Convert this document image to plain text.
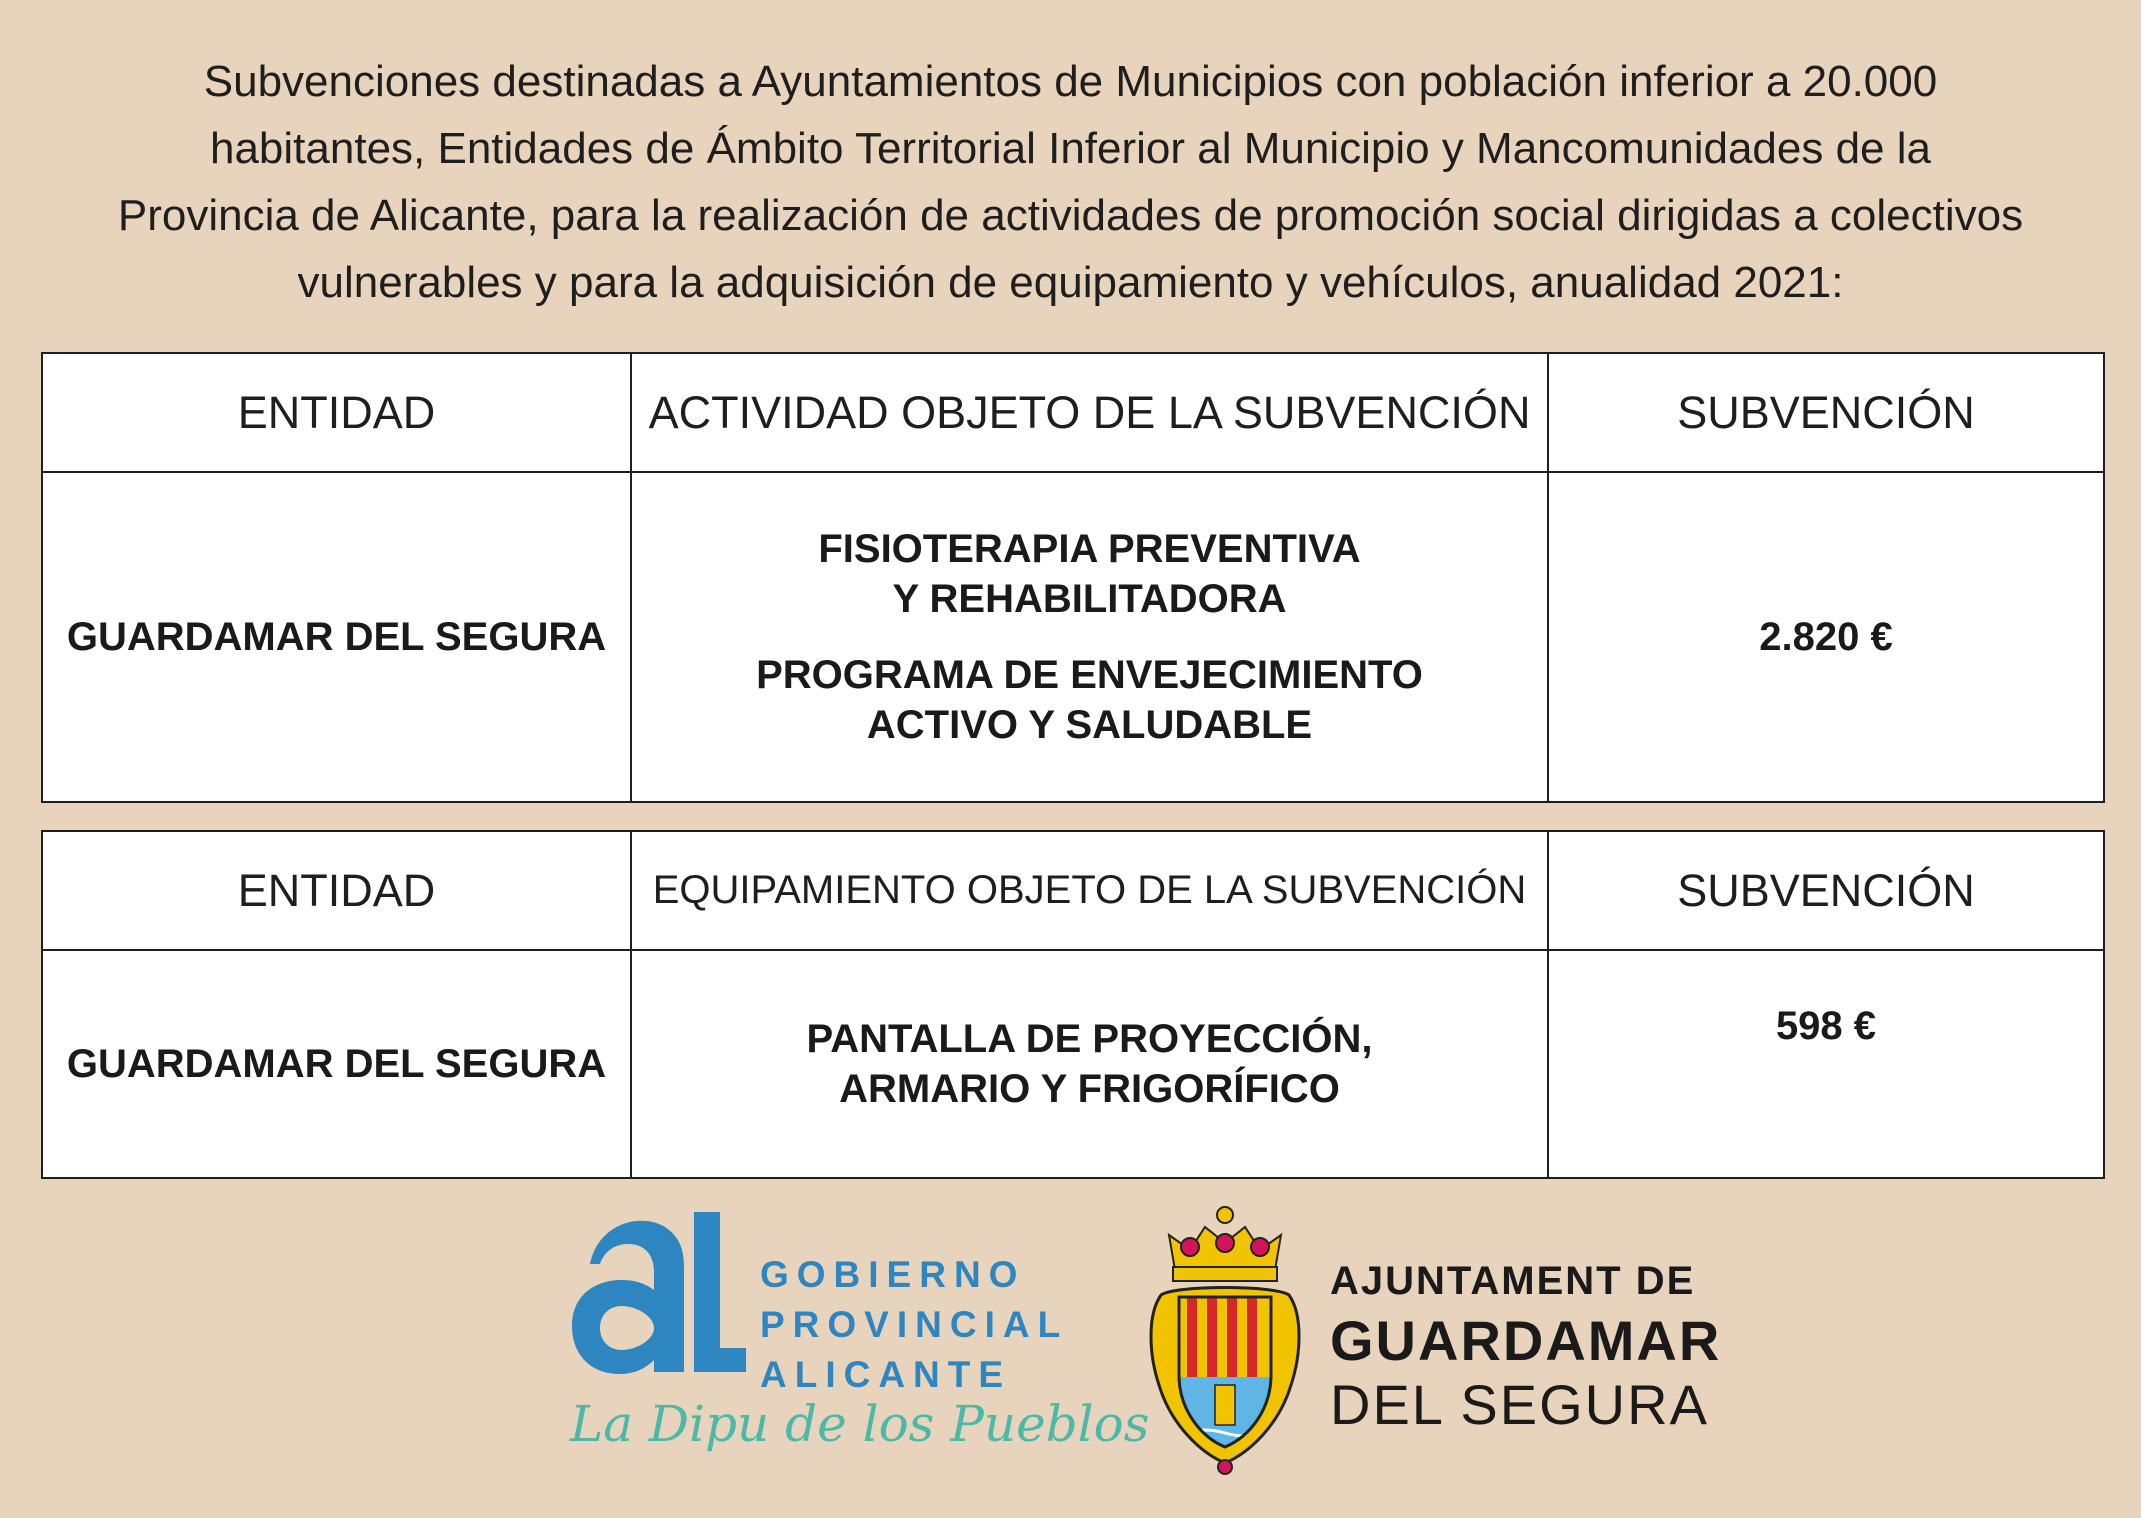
Subvenciones destinadas a Ayuntamientos de Municipios con población inferior a 20.000
habitantes, Entidades de Ámbito Territorial Inferior al Municipio y Mancomunidades de la
Provincia de Alicante, para la realización de actividades de promoción social dirigidas a colectivos
vulnerables y para la adquisición de equipamiento y vehículos, anualidad 2021:
ENTIDAD	ACTIVIDAD OBJETO DE LA SUBVENCIÓN	SUBVENCIÓN
GUARDAMAR DEL SEGURA	FISIOTERAPIA PREVENTIVA
Y REHABILITADORA
PROGRAMA DE ENVEJECIMIENTO
ACTIVO Y SALUDABLE	2.820 €
ENTIDAD	EQUIPAMIENTO OBJETO DE LA SUBVENCIÓN	SUBVENCIÓN
GUARDAMAR DEL SEGURA	PANTALLA DE PROYECCIÓN,
ARMARIO Y FRIGORÍFICO	598 €
GOBIERNO
PROVINCIAL
ALICANTE
La Dipu de los Pueblos
AJUNTAMENT DE
GUARDAMAR
DEL SEGURA
